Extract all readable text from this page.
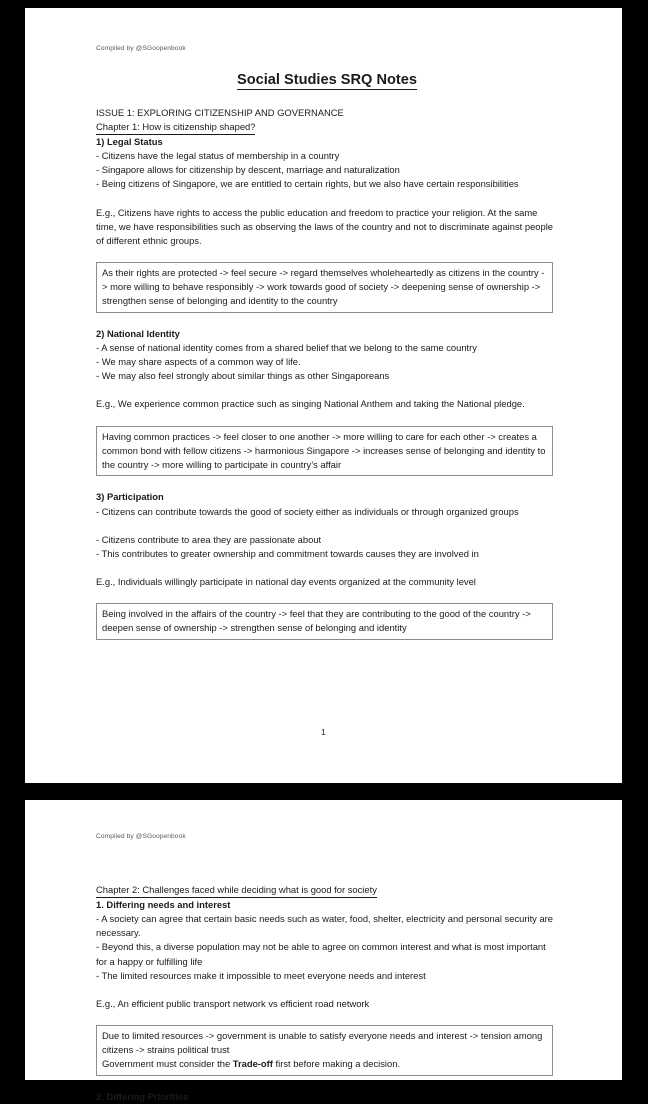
Compiled by @SGoopenbook
Social Studies SRQ Notes

ISSUE 1: EXPLORING CITIZENSHIP AND GOVERNANCE

Chapter 1: How is citizenship shaped?

1) Legal Status

- Citizens have the legal status of membership in a country

- Singapore allows for citizenship by descent, marriage and naturalization

- Being citizens of Singapore, we are entitled to certain rights, but we also have certain responsibilities

E.g., Citizens have rights to access the public education and freedom to practice your religion. At the same time, we have responsibilities such as observing the laws of the country and not to discriminate against people of different ethnic groups.

As their rights are protected -> feel secure -> regard themselves wholeheartedly as citizens in the country -> more willing to behave responsibly -> work towards good of society -> deepening sense of ownership -> strengthen sense of belonging and identity to the country

2) National Identity

- A sense of national identity comes from a shared belief that we belong to the same country

- We may share aspects of a common way of life.

- We may also feel strongly about similar things as other Singaporeans

E.g., We experience common practice such as singing National Anthem and taking the National pledge.

Having common practices -> feel closer to one another -> more willing to care for each other -> creates a common bond with fellow citizens -> harmonious Singapore -> increases sense of belonging and identity to the country -> more willing to participate in country’s affair

3) Participation

- Citizens can contribute towards the good of society either as individuals or through organized groups

- Citizens contribute to area they are passionate about

- This contributes to greater ownership and commitment towards causes they are involved in

E.g., Individuals willingly participate in national day events organized at the community level

Being involved in the affairs of the country -> feel that they are contributing to the good of the country -> deepen sense of ownership -> strengthen sense of belonging and identity

1
Compiled by @SGoopenbook
Chapter 2: Challenges faced while deciding what is good for society

1. Differing needs and interest

- A society can agree that certain basic needs such as water, food, shelter, electricity and personal security are necessary.

- Beyond this, a diverse population may not be able to agree on common interest and what is most important for a happy or fulfilling life

- The limited resources make it impossible to meet everyone needs and interest

E.g., An efficient public transport network vs efficient road network

Due to limited resources -> government is unable to satisfy everyone needs and interest -> tension among citizens -> strains political trust

Government must consider the Trade-off first before making a decision.

2. Differing Priorities
